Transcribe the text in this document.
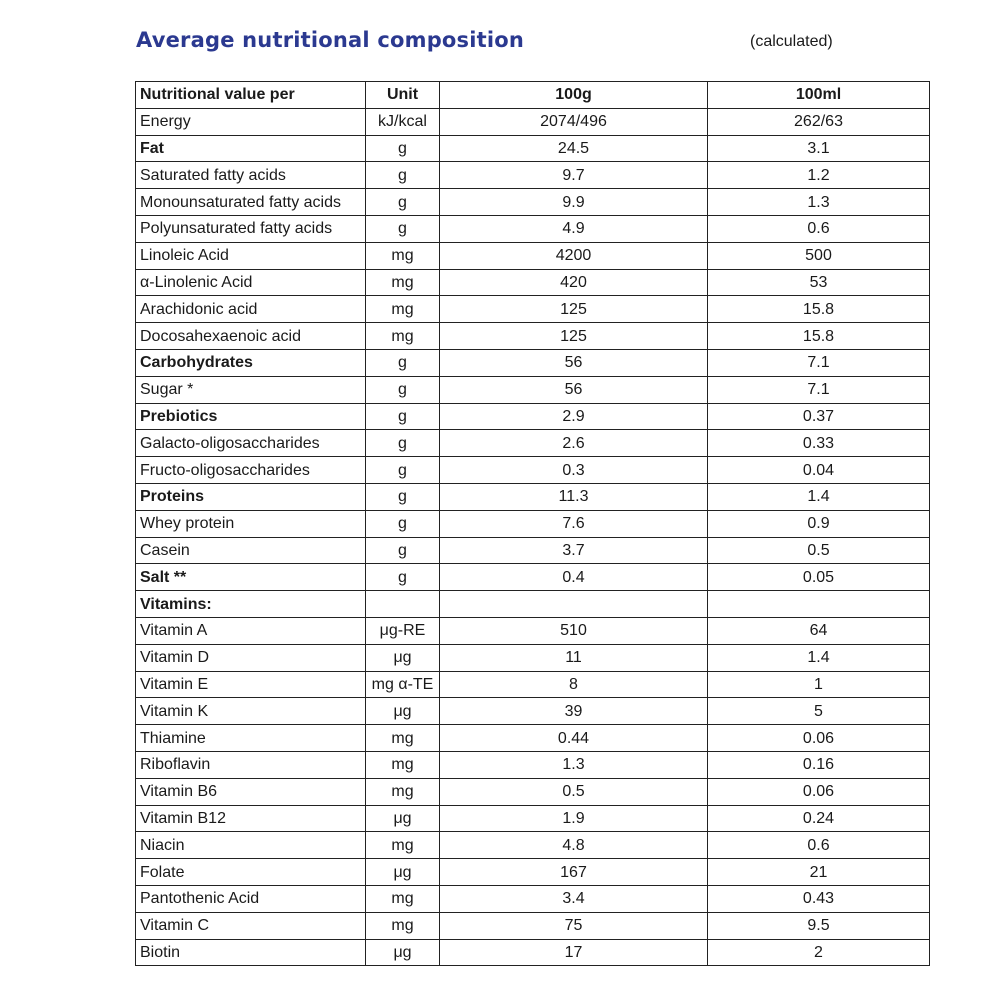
Average nutritional composition	(calculated)
Nutritional value per	Unit	100g	100ml
Energy	kJ/kcal	2074/496	262/63
Fat	g	24.5	3.1
Saturated fatty acids	g	9.7	1.2
Monounsaturated fatty acids	g	9.9	1.3
Polyunsaturated fatty acids	g	4.9	0.6
Linoleic Acid	mg	4200	500
α-Linolenic Acid	mg	420	53
Arachidonic acid	mg	125	15.8
Docosahexaenoic acid	mg	125	15.8
Carbohydrates	g	56	7.1
Sugar *	g	56	7.1
Prebiotics	g	2.9	0.37
Galacto-oligosaccharides	g	2.6	0.33
Fructo-oligosaccharides	g	0.3	0.04
Proteins	g	11.3	1.4
Whey protein	g	7.6	0.9
Casein	g	3.7	0.5
Salt **	g	0.4	0.05
Vitamins:			
Vitamin A	μg-RE	510	64
Vitamin D	μg	11	1.4
Vitamin E	mg α-TE	8	1
Vitamin K	μg	39	5
Thiamine	mg	0.44	0.06
Riboflavin	mg	1.3	0.16
Vitamin B6	mg	0.5	0.06
Vitamin B12	μg	1.9	0.24
Niacin	mg	4.8	0.6
Folate	μg	167	21
Pantothenic Acid	mg	3.4	0.43
Vitamin C	mg	75	9.5
Biotin	μg	17	2
